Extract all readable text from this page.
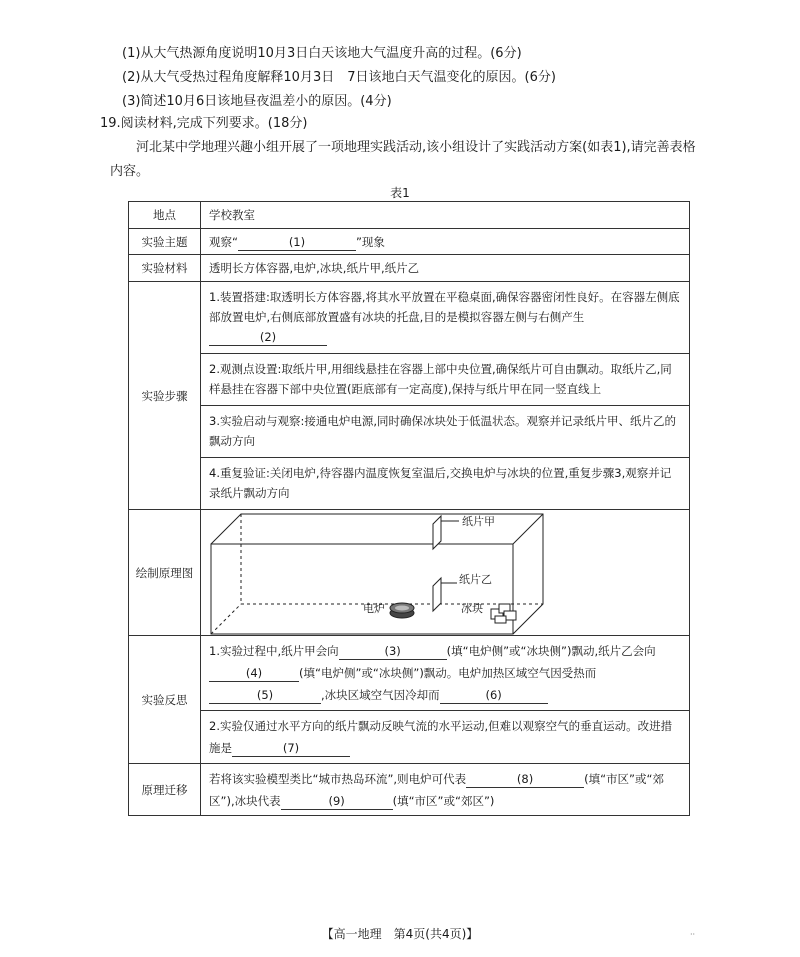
(1)从大气热源角度说明10月3日白天该地大气温度升高的过程。(6分)
(2)从大气受热过程角度解释10月3日　7日该地白天气温变化的原因。(6分)
(3)简述10月6日该地昼夜温差小的原因。(4分)
19.阅读材料,完成下列要求。(18分)
河北某中学地理兴趣小组开展了一项地理实践活动,该小组设计了实践活动方案(如表1),请完善表格内容。
表1
地点	学校教室
实验主题	观察“ (1) ”现象
实验材料	透明长方体容器,电炉,冰块,纸片甲,纸片乙
实验步骤	1.装置搭建:取透明长方体容器,将其水平放置在平稳桌面,确保容器密闭性良好。在容器左侧底部放置电炉,右侧底部放置盛有冰块的托盘,目的是模拟容器左侧与右侧产生(2)
2.观测点设置:取纸片甲,用细线悬挂在容器上部中央位置,确保纸片可自由飘动。取纸片乙,同样悬挂在容器下部中央位置(距底部有一定高度),保持与纸片甲在同一竖直线上
3.实验启动与观察:接通电炉电源,同时确保冰块处于低温状态。观察并记录纸片甲、纸片乙的飘动方向
4.重复验证:关闭电炉,待容器内温度恢复室温后,交换电炉与冰块的位置,重复步骤3,观察并记录纸片飘动方向

绘制原理图	纸片甲
纸片乙
电炉 冰块

实验反思	1.实验过程中,纸片甲会向 (3) (填“电炉侧”或“冰块侧”)飘动,纸片乙会向(4) (填“电炉侧”或“冰块侧”)飘动。电炉加热区域空气因受热而(5) ,冰块区域空气因冷却而 (6)
2.实验仅通过水平方向的纸片飘动反映气流的水平运动,但难以观察空气的垂直运动。改进措施是 (7)

原理迁移	若将该实验模型类比“城市热岛环流”,则电炉可代表 (8) (填“市区”或“郊区”),冰块代表 (9) (填“市区”或“郊区”)
【高一地理　第4页(共4页)】	··
